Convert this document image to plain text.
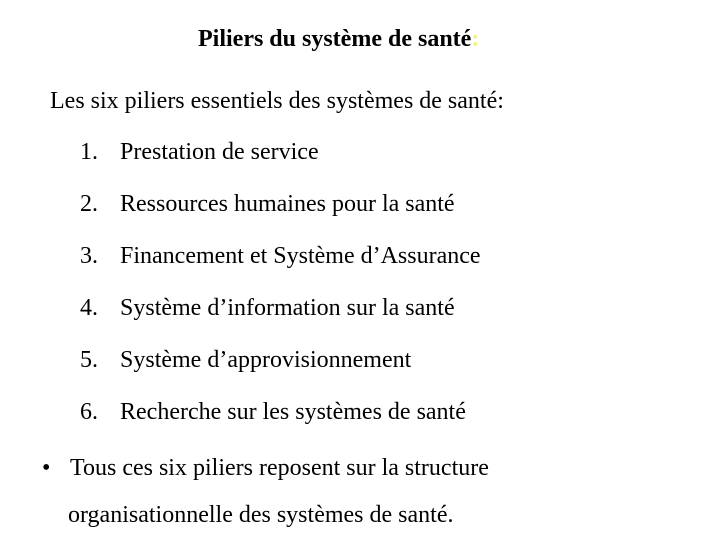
Piliers du système de santé:
Les six piliers essentiels des systèmes de santé:
1. Prestation de service
2. Ressources humaines pour la santé
3. Financement et Système d’Assurance
4. Système d’information sur la santé
5. Système d’approvisionnement
6. Recherche sur les systèmes de santé
• Tous ces six piliers reposent sur la structure
organisationnelle des systèmes de santé.
